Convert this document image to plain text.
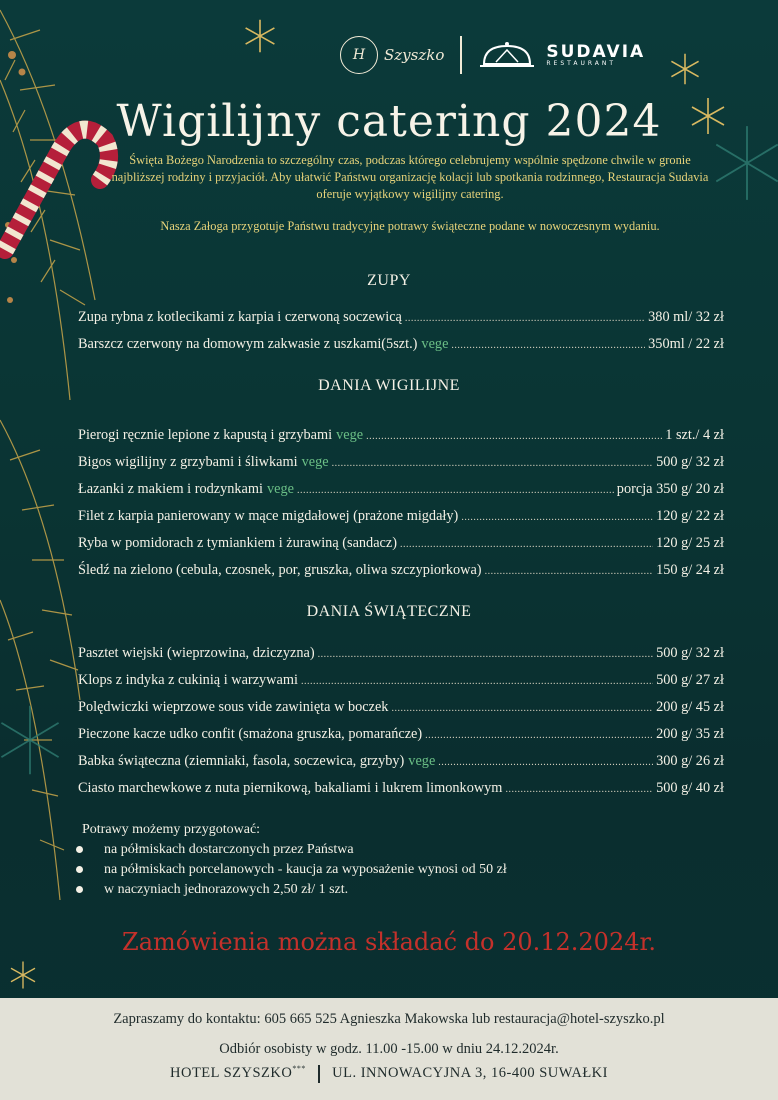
H	Szyszko	SUDAVIA
RESTAURANT
Wigilijny catering 2024
Święta Bożego Narodzenia to szczególny czas, podczas którego celebrujemy wspólnie spędzone chwile w gronie najbliższej rodziny i przyjaciół. Aby ułatwić Państwu organizację kolacji lub spotkania rodzinnego, Restauracja Sudavia oferuje wyjątkowy wigilijny catering.
Nasza Załoga przygotuje Państwu tradycyjne potrawy świąteczne podane w nowoczesnym wydaniu.
ZUPY
Zupa rybna z kotlecikami z karpia i czerwoną soczewicą .....	380 ml/ 32 zł
Barszcz czerwony na domowym zakwasie z uszkami(5szt.) vege .....	350ml / 22 zł
DANIA WIGILIJNE
Pierogi ręcznie lepione z kapustą i grzybami vege .....	1 szt./ 4 zł
Bigos wigilijny z grzybami i śliwkami vege .....	500 g/ 32 zł
Łazanki z makiem i rodzynkami vege .....	porcja 350 g/ 20 zł
Filet z karpia panierowany w mące migdałowej (prażone migdały) .....	120 g/ 22 zł
Ryba w pomidorach z tymiankiem i żurawiną (sandacz) .....	120 g/ 25 zł
Śledź na zielono (cebula, czosnek, por, gruszka, oliwa szczypiorkowa) .....	150 g/ 24 zł
DANIA ŚWIĄTECZNE
Pasztet wiejski (wieprzowina, dziczyzna) .....	500 g/ 32 zł
Klops z indyka z cukinią i warzywami .....	500 g/ 27 zł
Polędwiczki wieprzowe sous vide zawinięta w boczek .....	200 g/ 45 zł
Pieczone kacze udko confit (smażona gruszka, pomarańcze) .....	200 g/ 35 zł
Babka świąteczna (ziemniaki, fasola, soczewica, grzyby) vege .....	300 g/ 26 zł
Ciasto marchewkowe z nuta piernikową, bakaliami i lukrem limonkowym .....	500 g/ 40 zł
Potrawy możemy przygotować:
na półmiskach dostarczonych przez Państwa
na półmiskach porcelanowych - kaucja za wyposażenie wynosi od 50 zł
w naczyniach jednorazowych 2,50 zł/ 1 szt.
Zamówienia można składać do 20.12.2024r.
Zapraszamy do kontaktu: 605 665 525 Agnieszka Makowska lub restauracja@hotel-szyszko.pl
Odbiór osobisty w godz. 11.00 -15.00 w dniu 24.12.2024r.
HOTEL SZYSZKO*** UL. INNOWACYJNA 3, 16-400 SUWAŁKI
